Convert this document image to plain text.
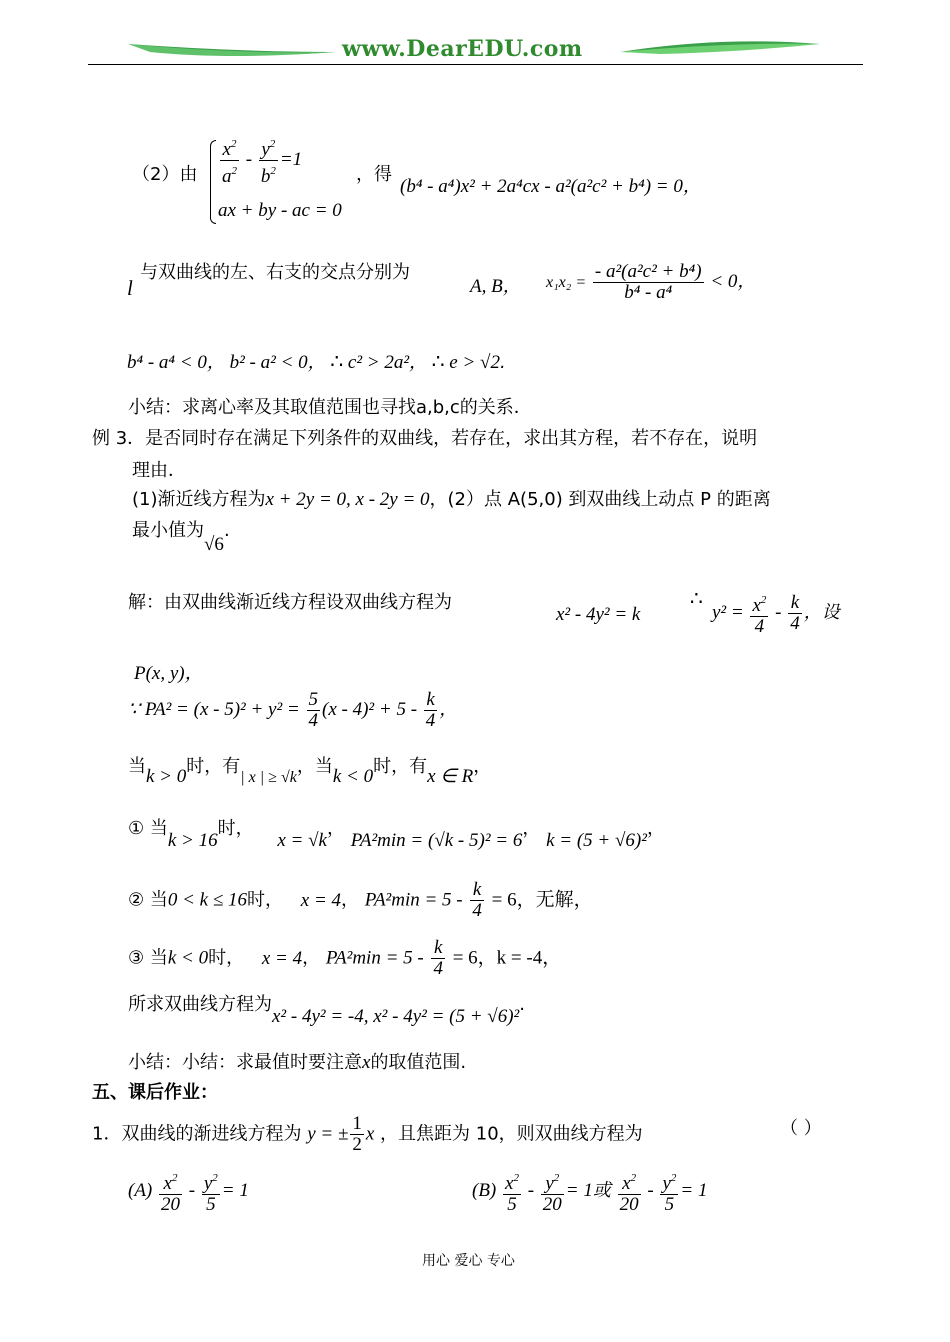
www.DearEDU.com
（2）由 $\frac{x^2}{a^2} - \frac{y^2}{b^2} =1$
ax + by - ac = 0
，得
(b⁴ - a⁴)x² + 2a⁴cx - a²(a²c² + b⁴) = 0，
l
与双曲线的左、右支的交点分别为
A, B， $x_1x_2 = \frac{\text{- a²(a²c² + b⁴)}}{\text{b⁴ - a⁴}} < 0$，
b⁴ - a⁴ < 0， b² - a² < 0， ∴ c² > 2a²， ∴ e > √2.
小结：求离心率及其取值范围也寻找a,b,c的关系．
例 3．是否同时存在满足下列条件的双曲线，若存在，求出其方程，若不存在，说明
理由．
(1)渐近线方程为x + 2y = 0, x - 2y = 0，(2）点 A(5,0) 到双曲线上动点 P 的距离
最小值为√6.
解：由双曲线渐近线方程设双曲线方程为
x² - 4y² = k
∴
$y^2 = \frac{x^2}{4} - \frac{k}{4}$ ，设
P(x, y)，
∵ $PA^2 = (x - 5)^2 + y^2 = \frac{5}{4} (x - 4)^2 + 5 - \frac{k}{4}$ ，
当k > 0时，有| x | ≥ √k，当k < 0时，有x ∈ R，
① 当k > 16时， x = √k， PA²min = (√k - 5)² = 6， k = (5 + √6)²，
② 当0 < k ≤ 16时， x = 4， $PA^2\min = 5 - \frac{k}{4} = 6$，无解，
③ 当k < 0时， x = 4， $PA^2\min = 5 - \frac{k}{4} = 6$，k = -4，
所求双曲线方程为x² - 4y² = -4, x² - 4y² = (5 + √6)².
小结：小结：求最值时要注意x的取值范围.
五、课后作业：
1．双曲线的渐进线方程为 y = ± $\frac{1}{2}$ x ，且焦距为 10，则双曲线方程为	（ ）
$(A) \frac{x^2}{20} - \frac{y^2}{5} = 1$	$(B) \frac{x^2}{5} - \frac{y^2}{20} = 1$或 $\frac{x^2}{20} - \frac{y^2}{5} = 1$
用心 爱心 专心
